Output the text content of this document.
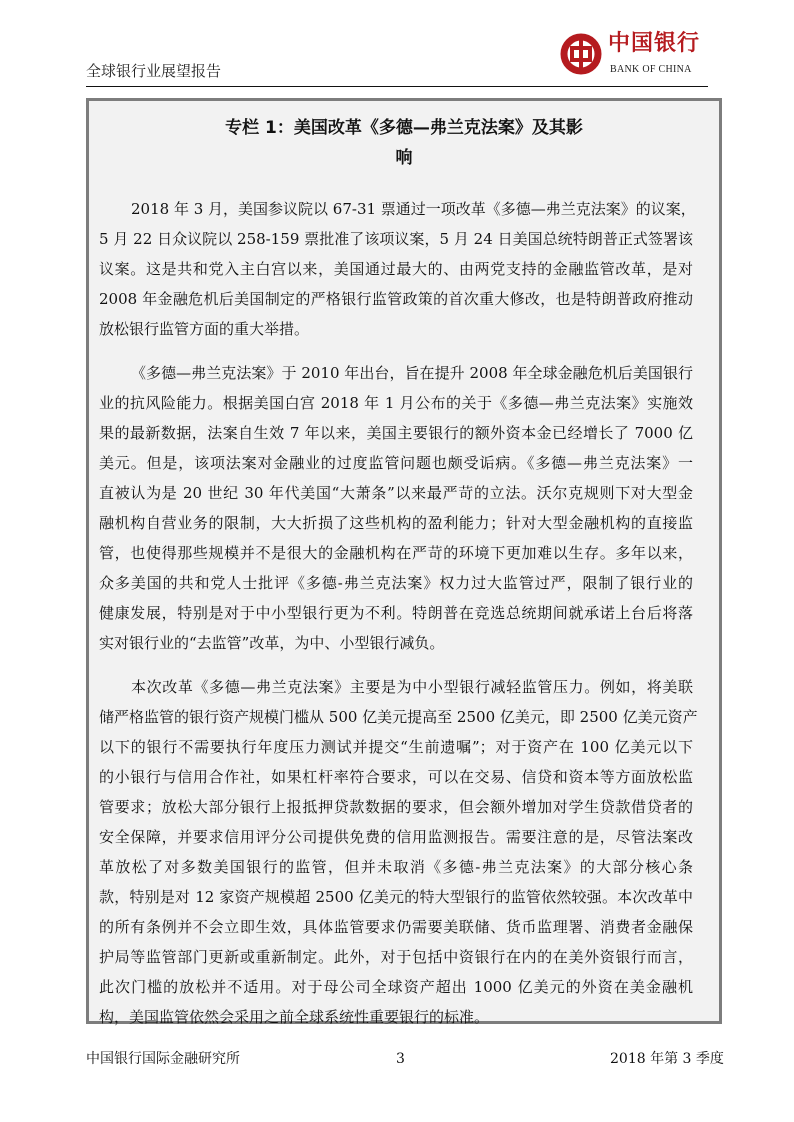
全球银行业展望报告
中国银行
BANK OF CHINA
专栏 1：美国改革《多德—弗兰克法案》及其影
响
2018 年 3 月，美国参议院以 67-31 票通过一项改革《多德—弗兰克法案》的议案，
5 月 22 日众议院以 258-159 票批准了该项议案，5 月 24 日美国总统特朗普正式签署该
议案。这是共和党入主白宫以来，美国通过最大的、由两党支持的金融监管改革，是对
2008 年金融危机后美国制定的严格银行监管政策的首次重大修改，也是特朗普政府推动
放松银行监管方面的重大举措。
《多德—弗兰克法案》于 2010 年出台，旨在提升 2008 年全球金融危机后美国银行
业的抗风险能力。根据美国白宫 2018 年 1 月公布的关于《多德—弗兰克法案》实施效
果的最新数据，法案自生效 7 年以来，美国主要银行的额外资本金已经增长了 7000 亿
美元。但是，该项法案对金融业的过度监管问题也颇受诟病。《多德—弗兰克法案》一
直被认为是 20 世纪 30 年代美国“大萧条”以来最严苛的立法。沃尔克规则下对大型金
融机构自营业务的限制，大大折损了这些机构的盈利能力；针对大型金融机构的直接监
管，也使得那些规模并不是很大的金融机构在严苛的环境下更加难以生存。多年以来，
众多美国的共和党人士批评《多德-弗兰克法案》权力过大监管过严，限制了银行业的
健康发展，特别是对于中小型银行更为不利。特朗普在竞选总统期间就承诺上台后将落
实对银行业的“去监管”改革，为中、小型银行减负。
本次改革《多德—弗兰克法案》主要是为中小型银行减轻监管压力。例如，将美联
储严格监管的银行资产规模门槛从 500 亿美元提高至 2500 亿美元，即 2500 亿美元资产
以下的银行不需要执行年度压力测试并提交“生前遗嘱”；对于资产在 100 亿美元以下
的小银行与信用合作社，如果杠杆率符合要求，可以在交易、信贷和资本等方面放松监
管要求；放松大部分银行上报抵押贷款数据的要求，但会额外增加对学生贷款借贷者的
安全保障，并要求信用评分公司提供免费的信用监测报告。需要注意的是，尽管法案改
革放松了对多数美国银行的监管，但并未取消《多德-弗兰克法案》的大部分核心条
款，特别是对 12 家资产规模超 2500 亿美元的特大型银行的监管依然较强。本次改革中
的所有条例并不会立即生效，具体监管要求仍需要美联储、货币监理署、消费者金融保
护局等监管部门更新或重新制定。此外，对于包括中资银行在内的在美外资银行而言，
此次门槛的放松并不适用。对于母公司全球资产超出 1000 亿美元的外资在美金融机
构，美国监管依然会采用之前全球系统性重要银行的标准。
中国银行国际金融研究所	3	2018 年第 3 季度
